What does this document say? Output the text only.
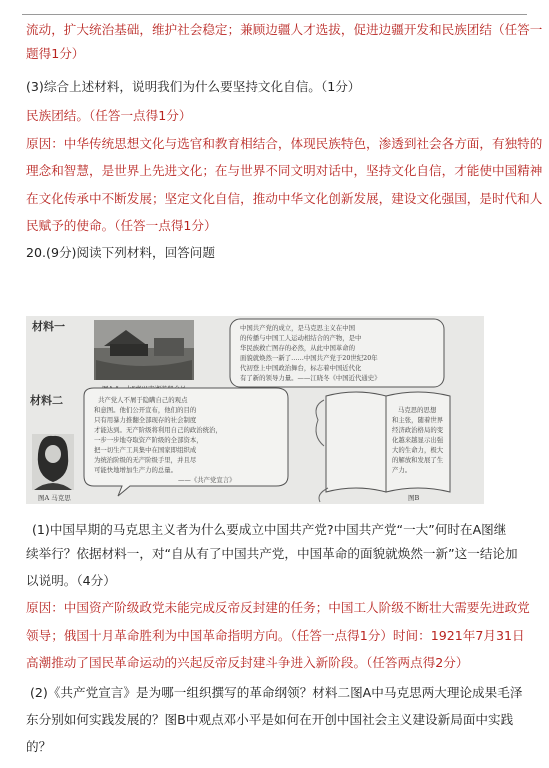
流动，扩大统治基础，维护社会稳定；兼顾边疆人才选拔，促进边疆开发和民族团结（任答一
题得1分）
(3)综合上述材料，说明我们为什么要坚持文化自信。（1分）
民族团结。（任答一点得1分）
原因：中华传统思想文化与选官和教育相结合，体现民族特色，渗透到社会各方面，有独特的
理念和智慧，是世界上先进文化；在与世界不同文明对话中，坚持文化自信，才能使中国精神
在文化传承中不断发展；坚定文化自信，推动中华文化创新发展，建设文化强国，是时代和人
民赋予的使命。（任答一点得1分）
20.(9分)阅读下列材料，回答问题
材料一	中国共产党的成立，是马克思主义在中国
的传播与中国工人运动相结合的产物，是中
华民族救亡图存的必然，从此中国革命的
面貌就焕然一新了……中国共产党于20世纪20年
代初登上中国政治舞台，标志着中国近代化
有了新的领导力量。——江晓冬《中国近代通史》
材料二	共产党人不屑于隐瞒自己的观点
和意图。他们公开宣布，他们的目的
只有用暴力推翻全部现存的社会制度
才能达到。无产阶级将利用自己的政治统治，
一步一步地夺取资产阶级的全部资本，
把一切生产工具集中在国家即组织成
为统治阶级的无产阶级手里，并且尽
可能快地增加生产力的总量。
——《共产党宣言》
图A 马克思
马克思的思想
和主张，随着世界
经济政治格局的变
化越来越显示出强
大的生命力，极大
的解放和发展了生
产力。
图B
(1)中国早期的马克思主义者为什么要成立中国共产党?中国共产党“一大”何时在A图继
续举行？依据材料一，对“自从有了中国共产党，中国革命的面貌就焕然一新”这一结论加
以说明。（4分）
原因：中国资产阶级政党未能完成反帝反封建的任务；中国工人阶级不断壮大需要先进政党
领导；俄国十月革命胜利为中国革命指明方向。（任答一点得1分）时间：1921年7月31日
高潮推动了国民革命运动的兴起反帝反封建斗争进入新阶段。（任答两点得2分）
(2)《共产党宣言》是为哪一组织撰写的革命纲领？材料二图A中马克思两大理论成果毛泽
东分别如何实践发展的？图B中观点邓小平是如何在开创中国社会主义建设新局面中实践
的？
